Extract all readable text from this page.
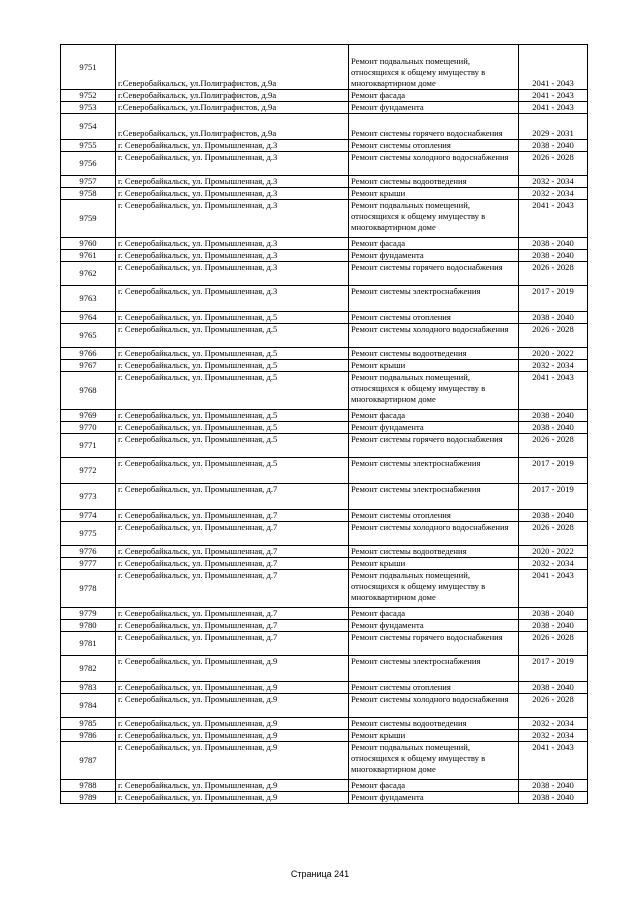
9751	г.Северобайкальск, ул.Полиграфистов, д.9а	Ремонт подвальных помещений, относящихся к общему имуществу в многоквартирном доме	2041 - 2043
9752	г.Северобайкальск, ул.Полиграфистов, д.9а	Ремонт фасада	2041 - 2043
9753	г.Северобайкальск, ул.Полиграфистов, д.9а	Ремонт фундамента	2041 - 2043
9754	г.Северобайкальск, ул.Полиграфистов, д.9а	Ремонт системы горячего водоснабжения	2029 - 2031
9755	г. Северобайкальск, ул. Промышленная, д.3	Ремонт системы отопления	2038 - 2040
9756	г. Северобайкальск, ул. Промышленная, д.3	Ремонт системы холодного водоснабжения	2026 - 2028
9757	г. Северобайкальск, ул. Промышленная, д.3	Ремонт системы водоотведения	2032 - 2034
9758	г. Северобайкальск, ул. Промышленная, д.3	Ремонт крыши	2032 - 2034
9759	г. Северобайкальск, ул. Промышленная, д.3	Ремонт подвальных помещений, относящихся к общему имуществу в многоквартирном доме	2041 - 2043
9760	г. Северобайкальск, ул. Промышленная, д.3	Ремонт фасада	2038 - 2040
9761	г. Северобайкальск, ул. Промышленная, д.3	Ремонт фундамента	2038 - 2040
9762	г. Северобайкальск, ул. Промышленная, д.3	Ремонт системы горячего водоснабжения	2026 - 2028
9763	г. Северобайкальск, ул. Промышленная, д.3	Ремонт системы электроснабжения	2017 - 2019
9764	г. Северобайкальск, ул. Промышленная, д.5	Ремонт системы отопления	2038 - 2040
9765	г. Северобайкальск, ул. Промышленная, д.5	Ремонт системы холодного водоснабжения	2026 - 2028
9766	г. Северобайкальск, ул. Промышленная, д.5	Ремонт системы водоотведения	2020 - 2022
9767	г. Северобайкальск, ул. Промышленная, д.5	Ремонт крыши	2032 - 2034
9768	г. Северобайкальск, ул. Промышленная, д.5	Ремонт подвальных помещений, относящихся к общему имуществу в многоквартирном доме	2041 - 2043
9769	г. Северобайкальск, ул. Промышленная, д.5	Ремонт фасада	2038 - 2040
9770	г. Северобайкальск, ул. Промышленная, д.5	Ремонт фундамента	2038 - 2040
9771	г. Северобайкальск, ул. Промышленная, д.5	Ремонт системы горячего водоснабжения	2026 - 2028
9772	г. Северобайкальск, ул. Промышленная, д.5	Ремонт системы электроснабжения	2017 - 2019
9773	г. Северобайкальск, ул. Промышленная, д.7	Ремонт системы электроснабжения	2017 - 2019
9774	г. Северобайкальск, ул. Промышленная, д.7	Ремонт системы отопления	2038 - 2040
9775	г. Северобайкальск, ул. Промышленная, д.7	Ремонт системы холодного водоснабжения	2026 - 2028
9776	г. Северобайкальск, ул. Промышленная, д.7	Ремонт системы водоотведения	2020 - 2022
9777	г. Северобайкальск, ул. Промышленная, д.7	Ремонт крыши	2032 - 2034
9778	г. Северобайкальск, ул. Промышленная, д.7	Ремонт подвальных помещений, относящихся к общему имуществу в многоквартирном доме	2041 - 2043
9779	г. Северобайкальск, ул. Промышленная, д.7	Ремонт фасада	2038 - 2040
9780	г. Северобайкальск, ул. Промышленная, д.7	Ремонт фундамента	2038 - 2040
9781	г. Северобайкальск, ул. Промышленная, д.7	Ремонт системы горячего водоснабжения	2026 - 2028
9782	г. Северобайкальск, ул. Промышленная, д.9	Ремонт системы электроснабжения	2017 - 2019
9783	г. Северобайкальск, ул. Промышленная, д.9	Ремонт системы отопления	2038 - 2040
9784	г. Северобайкальск, ул. Промышленная, д.9	Ремонт системы холодного водоснабжения	2026 - 2028
9785	г. Северобайкальск, ул. Промышленная, д.9	Ремонт системы водоотведения	2032 - 2034
9786	г. Северобайкальск, ул. Промышленная, д.9	Ремонт крыши	2032 - 2034
9787	г. Северобайкальск, ул. Промышленная, д.9	Ремонт подвальных помещений, относящихся к общему имуществу в многоквартирном доме	2041 - 2043
9788	г. Северобайкальск, ул. Промышленная, д.9	Ремонт фасада	2038 - 2040
9789	г. Северобайкальск, ул. Промышленная, д.9	Ремонт фундамента	2038 - 2040
Страница 241
